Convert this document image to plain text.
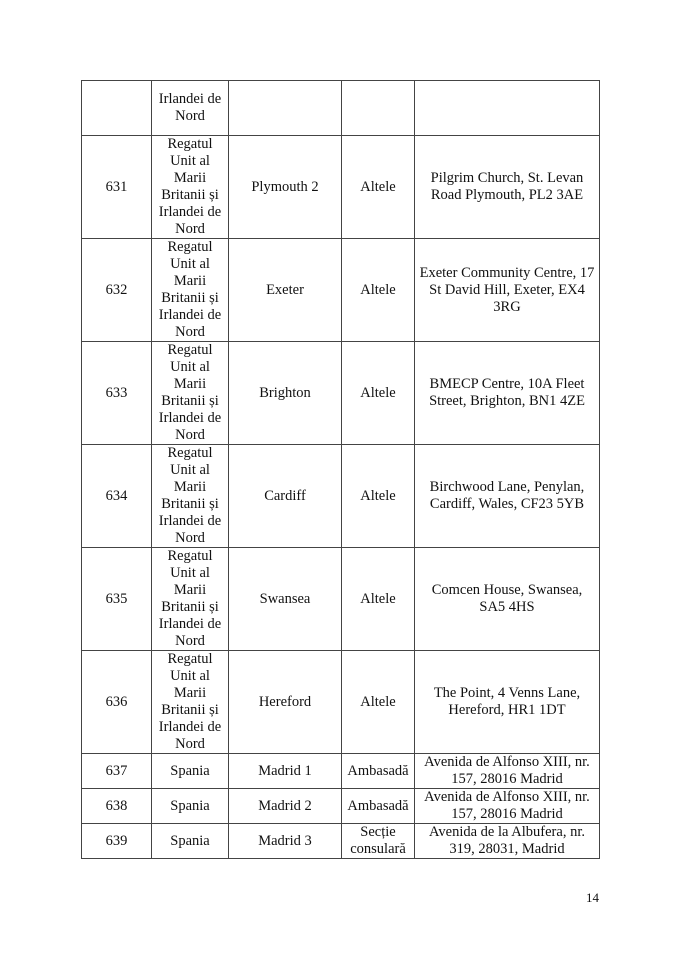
	Irlandei de Nord			
631	Regatul Unit al Marii Britanii și Irlandei de Nord	Plymouth 2	Altele	Pilgrim Church, St. Levan Road Plymouth, PL2 3AE
632	Regatul Unit al Marii Britanii și Irlandei de Nord	Exeter	Altele	Exeter Community Centre, 17 St David Hill, Exeter, EX4 3RG
633	Regatul Unit al Marii Britanii și Irlandei de Nord	Brighton	Altele	BMECP Centre, 10A Fleet Street, Brighton, BN1 4ZE
634	Regatul Unit al Marii Britanii și Irlandei de Nord	Cardiff	Altele	Birchwood Lane, Penylan, Cardiff, Wales, CF23 5YB
635	Regatul Unit al Marii Britanii și Irlandei de Nord	Swansea	Altele	Comcen House, Swansea, SA5 4HS
636	Regatul Unit al Marii Britanii și Irlandei de Nord	Hereford	Altele	The Point, 4 Venns Lane, Hereford, HR1 1DT
637	Spania	Madrid 1	Ambasadă	Avenida de Alfonso XIII, nr. 157, 28016 Madrid
638	Spania	Madrid 2	Ambasadă	Avenida de Alfonso XIII, nr. 157, 28016 Madrid
639	Spania	Madrid 3	Secție consulară	Avenida de la Albufera, nr. 319, 28031, Madrid
14
